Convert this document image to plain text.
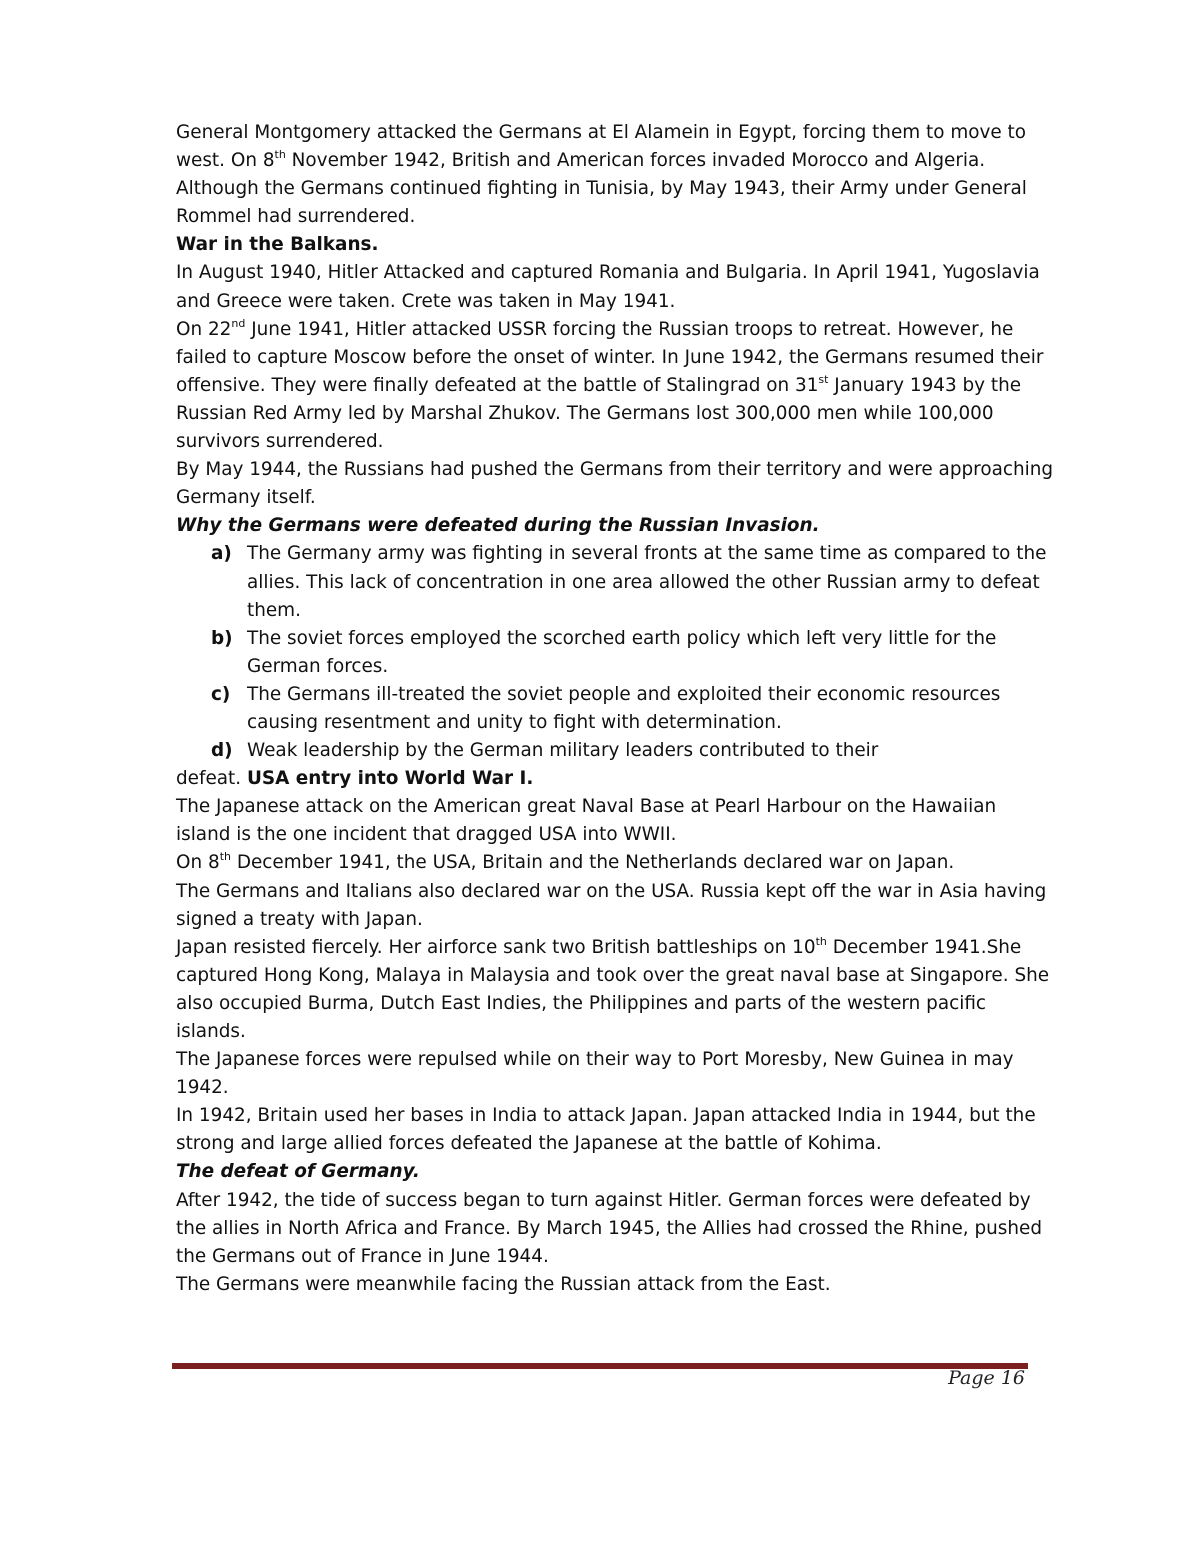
General Montgomery attacked the Germans at El Alamein in Egypt, forcing them to move to west. On 8th November 1942, British and American forces invaded Morocco and Algeria.

Although the Germans continued fighting in Tunisia, by May 1943, their Army under General Rommel had surrendered.

War in the Balkans.

In August 1940, Hitler Attacked and captured Romania and Bulgaria. In April 1941, Yugoslavia and Greece were taken. Crete was taken in May 1941.

On 22nd June 1941, Hitler attacked USSR forcing the Russian troops to retreat. However, he failed to capture Moscow before the onset of winter. In June 1942, the Germans resumed their offensive. They were finally defeated at the battle of Stalingrad on 31st January 1943 by the Russian Red Army led by Marshal Zhukov. The Germans lost 300,000 men while 100,000 survivors surrendered.

By May 1944, the Russians had pushed the Germans from their territory and were approaching Germany itself.

Why the Germans were defeated during the Russian Invasion.

a) The Germany army was fighting in several fronts at the same time as compared to the allies. This lack of concentration in one area allowed the other Russian army to defeat them.

b) The soviet forces employed the scorched earth policy which left very little for the German forces.

c) The Germans ill-treated the soviet people and exploited their economic resources causing resentment and unity to fight with determination.

d) Weak leadership by the German military leaders contributed to their

defeat. USA entry into World War I.

The Japanese attack on the American great Naval Base at Pearl Harbour on the Hawaiian island is the one incident that dragged USA into WWII.

On 8th December 1941, the USA, Britain and the Netherlands declared war on Japan.

The Germans and Italians also declared war on the USA. Russia kept off the war in Asia having signed a treaty with Japan.

Japan resisted fiercely. Her airforce sank two British battleships on 10th December 1941.She captured Hong Kong, Malaya in Malaysia and took over the great naval base at Singapore. She also occupied Burma, Dutch East Indies, the Philippines and parts of the western pacific islands.

The Japanese forces were repulsed while on their way to Port Moresby, New Guinea in may 1942.

In 1942, Britain used her bases in India to attack Japan. Japan attacked India in 1944, but the strong and large allied forces defeated the Japanese at the battle of Kohima.

The defeat of Germany.

After 1942, the tide of success began to turn against Hitler. German forces were defeated by the allies in North Africa and France. By March 1945, the Allies had crossed the Rhine, pushed the Germans out of France in June 1944.

The Germans were meanwhile facing the Russian attack from the East.

Page 16
